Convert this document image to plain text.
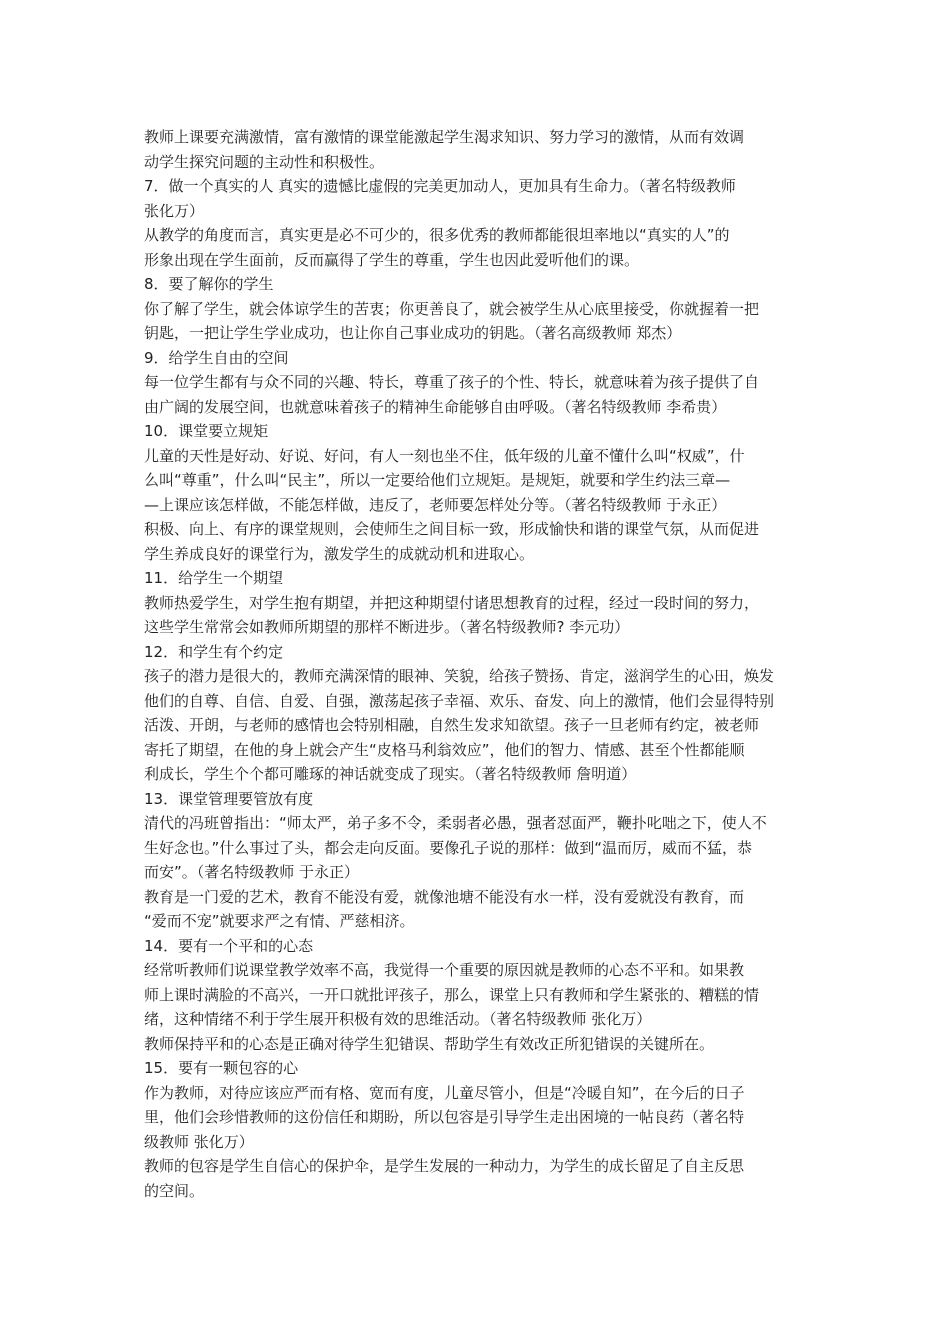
教师上课要充满激情，富有激情的课堂能激起学生渴求知识、努力学习的激情，从而有效调
动学生探究问题的主动性和积极性。
7．做一个真实的人 真实的遗憾比虚假的完美更加动人，更加具有生命力。（著名特级教师
张化万）
从教学的角度而言，真实更是必不可少的，很多优秀的教师都能很坦率地以“真实的人”的
形象出现在学生面前，反而赢得了学生的尊重，学生也因此爱听他们的课。
8．要了解你的学生
你了解了学生，就会体谅学生的苦衷；你更善良了，就会被学生从心底里接受，你就握着一把
钥匙，一把让学生学业成功，也让你自己事业成功的钥匙。（著名高级教师 郑杰）
9．给学生自由的空间
每一位学生都有与众不同的兴趣、特长，尊重了孩子的个性、特长，就意味着为孩子提供了自
由广阔的发展空间，也就意味着孩子的精神生命能够自由呼吸。（著名特级教师 李希贵）
10．课堂要立规矩
儿童的天性是好动、好说、好问，有人一刻也坐不住，低年级的儿童不懂什么叫“权威”，什
么叫“尊重”，什么叫“民主”，所以一定要给他们立规矩。是规矩，就要和学生约法三章—
—上课应该怎样做，不能怎样做，违反了，老师要怎样处分等。（著名特级教师 于永正）
积极、向上、有序的课堂规则，会使师生之间目标一致，形成愉快和谐的课堂气氛，从而促进
学生养成良好的课堂行为，激发学生的成就动机和进取心。
11．给学生一个期望
教师热爱学生，对学生抱有期望，并把这种期望付诸思想教育的过程，经过一段时间的努力，
这些学生常常会如教师所期望的那样不断进步。（著名特级教师? 李元功）
12．和学生有个约定
孩子的潜力是很大的，教师充满深情的眼神、笑貌，给孩子赞扬、肯定，滋润学生的心田，焕发
他们的自尊、自信、自爱、自强，激荡起孩子幸福、欢乐、奋发、向上的激情，他们会显得特别
活泼、开朗，与老师的感情也会特别相融，自然生发求知欲望。孩子一旦老师有约定，被老师
寄托了期望，在他的身上就会产生“皮格马利翁效应”，他们的智力、情感、甚至个性都能顺
利成长，学生个个都可雕琢的神话就变成了现实。（著名特级教师 詹明道）
13．课堂管理要管放有度
清代的冯班曾指出：“师太严，弟子多不令，柔弱者必愚，强者怼面严，鞭扑叱咄之下，使人不
生好念也。”什么事过了头，都会走向反面。要像孔子说的那样：做到“温而厉，威而不猛，恭
而安”。（著名特级教师 于永正）
教育是一门爱的艺术，教育不能没有爱，就像池塘不能没有水一样，没有爱就没有教育，而
“爱而不宠”就要求严之有情、严慈相济。
14．要有一个平和的心态
经常听教师们说课堂教学效率不高，我觉得一个重要的原因就是教师的心态不平和。如果教
师上课时满脸的不高兴，一开口就批评孩子，那么，课堂上只有教师和学生紧张的、糟糕的情
绪，这种情绪不利于学生展开积极有效的思维活动。（著名特级教师 张化万）
教师保持平和的心态是正确对待学生犯错误、帮助学生有效改正所犯错误的关键所在。
15．要有一颗包容的心
作为教师，对待应该应严而有格、宽而有度，儿童尽管小，但是“冷暖自知”，在今后的日子
里，他们会珍惜教师的这份信任和期盼，所以包容是引导学生走出困境的一帖良药（著名特
级教师 张化万）
教师的包容是学生自信心的保护伞，是学生发展的一种动力，为学生的成长留足了自主反思
的空间。
